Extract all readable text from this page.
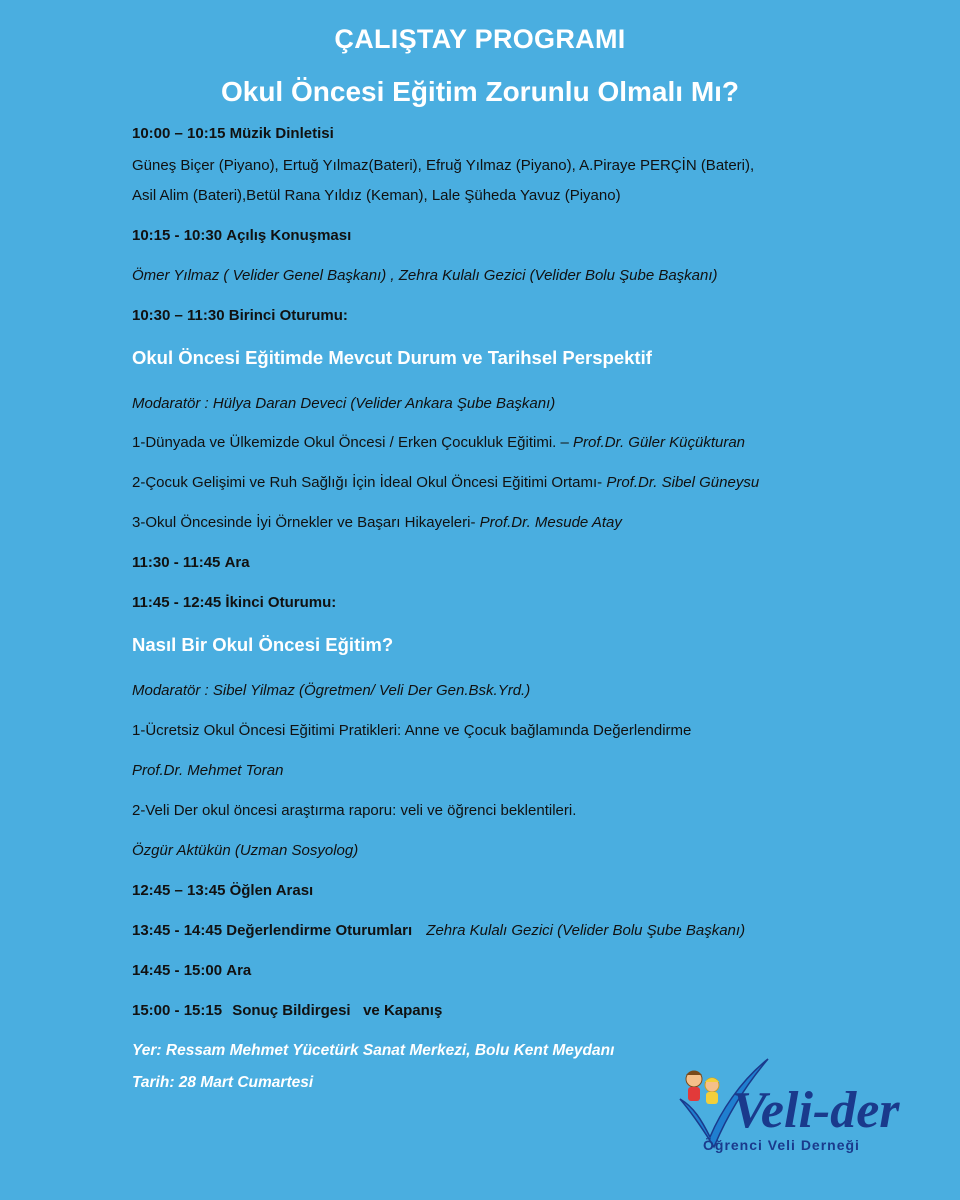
ÇALIŞTAY PROGRAMI
Okul Öncesi Eğitim Zorunlu Olmalı Mı?
10:00 – 10:15 Müzik Dinletisi
Güneş Biçer (Piyano), Ertuğ Yılmaz(Bateri), Efruğ Yılmaz (Piyano), A.Piraye PERÇİN (Bateri),
Asil Alim (Bateri),Betül Rana Yıldız (Keman), Lale Şüheda Yavuz (Piyano)
10:15 - 10:30 Açılış Konuşması
Ömer Yılmaz ( Velider Genel Başkanı) , Zehra Kulalı Gezici (Velider Bolu Şube Başkanı)
10:30 – 11:30 Birinci Oturumu:
Okul Öncesi Eğitimde Mevcut Durum ve Tarihsel Perspektif
Modaratör : Hülya Daran Deveci (Velider Ankara Şube Başkanı)
1-Dünyada ve Ülkemizde Okul Öncesi / Erken Çocukluk Eğitimi. – Prof.Dr. Güler Küçükturan
2-Çocuk Gelişimi ve Ruh Sağlığı İçin İdeal Okul Öncesi Eğitimi Ortamı- Prof.Dr. Sibel Güneysu
3-Okul Öncesinde İyi Örnekler ve Başarı Hikayeleri- Prof.Dr. Mesude Atay
11:30 - 11:45 Ara
11:45 - 12:45 İkinci Oturumu:
Nasıl Bir Okul Öncesi Eğitim?
Modaratör : Sibel Yilmaz (Ögretmen/ Veli Der Gen.Bsk.Yrd.)
1-Ücretsiz Okul Öncesi Eğitimi Pratikleri: Anne ve Çocuk bağlamında Değerlendirme
Prof.Dr. Mehmet Toran
2-Veli Der okul öncesi araştırma raporu: veli ve öğrenci beklentileri.
Özgür Aktükün (Uzman Sosyolog)
12:45 – 13:45 Öğlen Arası
13:45 - 14:45 Değerlendirme Oturumları Zehra Kulalı Gezici (Velider Bolu Şube Başkanı)
14:45 - 15:00 Ara
15:00 - 15:15 Sonuç Bildirgesi   ve Kapanış
Yer: Ressam Mehmet Yücetürk Sanat Merkezi, Bolu Kent Meydanı
Tarih: 28 Mart Cumartesi	Veli-der
Öğrenci Veli Derneği
